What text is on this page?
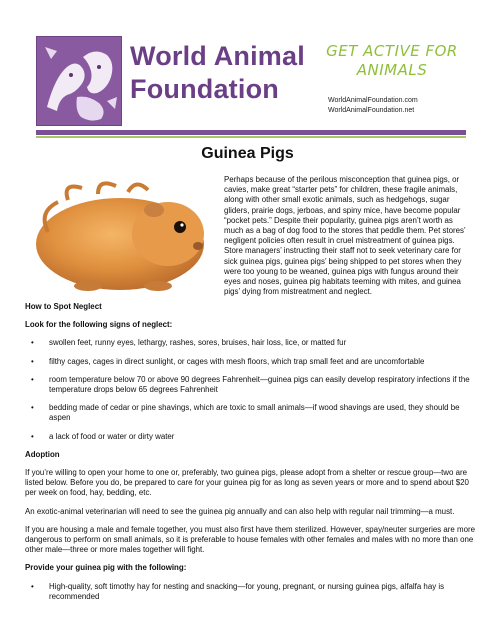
World Animal
Foundation
GET ACTIVE FOR
ANIMALS
WorldAnimalFoundation.com
WorldAnimalFoundation.net
Guinea Pigs
Perhaps because of the perilous misconception that guinea pigs, or cavies, make great “starter pets” for children, these fragile animals, along with other small exotic animals, such as hedgehogs, sugar gliders, prairie dogs, jerboas, and spiny mice, have become popular “pocket pets.” Despite their popularity, guinea pigs aren’t worth as much as a bag of dog food to the stores that peddle them. Pet stores’ negligent policies often result in cruel mistreatment of guinea pigs. Store managers’ instructing their staff not to seek veterinary care for sick guinea pigs, guinea pigs’ being shipped to pet stores when they were too young to be weaned, guinea pigs with fungus around their eyes and noses, guinea pig habitats teeming with mites, and guinea pigs’ dying from mistreatment and neglect.

How to Spot Neglect

Look for the following signs of neglect:

• swollen feet, runny eyes, lethargy, rashes, sores, bruises, hair loss, lice, or matted fur
• filthy cages, cages in direct sunlight, or cages with mesh floors, which trap small feet and are uncomfortable
• room temperature below 70 or above 90 degrees Fahrenheit—guinea pigs can easily develop respiratory infections if the temperature drops below 65 degrees Fahrenheit
• bedding made of cedar or pine shavings, which are toxic to small animals—if wood shavings are used, they should be aspen
• a lack of food or water or dirty water

Adoption

If you’re willing to open your home to one or, preferably, two guinea pigs, please adopt from a shelter or rescue group—two are listed below. Before you do, be prepared to care for your guinea pig for as long as seven years or more and to spend about $20 per week on food, hay, bedding, etc.

An exotic-animal veterinarian will need to see the guinea pig annually and can also help with regular nail trimming—a must.

If you are housing a male and female together, you must also first have them sterilized. However, spay/neuter surgeries are more dangerous to perform on small animals, so it is preferable to house females with other females and males with no more than one other male—three or more males together will fight.

Provide your guinea pig with the following:

• High-quality, soft timothy hay for nesting and snacking—for young, pregnant, or nursing guinea pigs, alfalfa hay is recommended
